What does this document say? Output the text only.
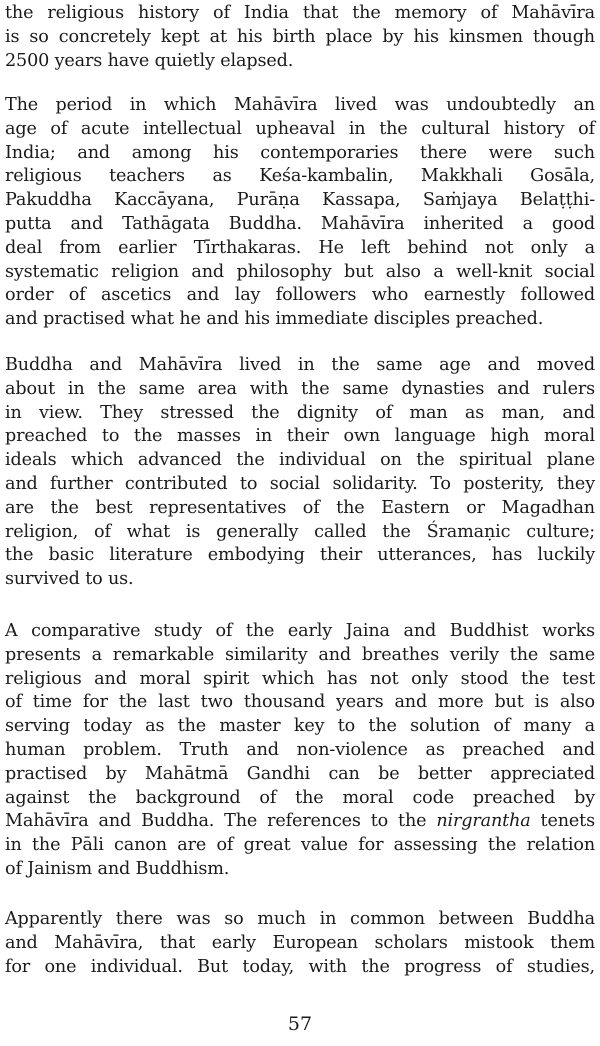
the religious history of India that the memory of Mahāvīra
is so concretely kept at his birth place by his kinsmen though
2500 years have quietly elapsed.

The period in which Mahāvīra lived was undoubtedly an
age of acute intellectual upheaval in the cultural history of
India; and among his contemporaries there were such
religious teachers as Keśa-kambalin, Makkhali Gosāla,
Pakuddha Kaccāyana, Purāṇa Kassapa, Saṁjaya Belaṭṭhi-
putta and Tathāgata Buddha. Mahāvīra inherited a good
deal from earlier Tīrthakaras. He left behind not only a
systematic religion and philosophy but also a well-knit social
order of ascetics and lay followers who earnestly followed
and practised what he and his immediate disciples preached.

Buddha and Mahāvīra lived in the same age and moved
about in the same area with the same dynasties and rulers
in view. They stressed the dignity of man as man, and
preached to the masses in their own language high moral
ideals which advanced the individual on the spiritual plane
and further contributed to social solidarity. To posterity, they
are the best representatives of the Eastern or Magadhan
religion, of what is generally called the Śramaṇic culture;
the basic literature embodying their utterances, has luckily
survived to us.

A comparative study of the early Jaina and Buddhist works
presents a remarkable similarity and breathes verily the same
religious and moral spirit which has not only stood the test
of time for the last two thousand years and more but is also
serving today as the master key to the solution of many a
human problem. Truth and non-violence as preached and
practised by Mahātmā Gandhi can be better appreciated
against the background of the moral code preached by
Mahāvīra and Buddha. The references to the nirgrantha tenets
in the Pāli canon are of great value for assessing the relation
of Jainism and Buddhism.

Apparently there was so much in common between Buddha
and Mahāvīra, that early European scholars mistook them
for one individual. But today, with the progress of studies,

57
